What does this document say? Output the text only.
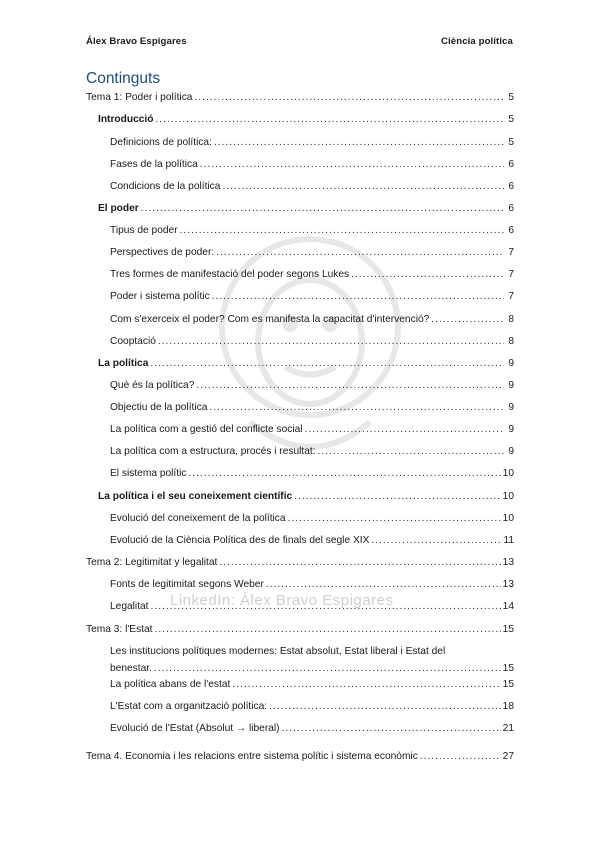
Álex Bravo Espigares	Ciència política
Continguts
LinkedIn: Álex Bravo Espigares
Tema 1: Poder i política .....	5
Introducció .....	5
Definicions de política: .....	5
Fases de la política .....	6
Condicions de la política .....	6
El poder .....	6
Tipus de poder .....	6
Perspectives de poder: .....	7
Tres formes de manifestació del poder segons Lukes .....	7
Poder i sistema polític .....	7
Com s'exerceix el poder? Com es manifesta la capacitat d'intervenció? .....	8
Cooptació .....	8
La política .....	9
Què és la política? .....	9
Objectiu de la política .....	9
La política com a gestió del conflicte social .....	9
La política com a estructura, procés i resultat: .....	9
El sistema polític .....	10
La política i el seu coneixement científic .....	10
Evolució del coneixement de la política .....	10
Evolució de la Ciència Política des de finals del segle XIX .....	11
Tema 2: Legitimitat y legalitat .....	13
Fonts de legitimitat segons Weber .....	13
Legalitat .....	14
Tema 3: l'Estat .....	15
Les institucions polítiques modernes: Estat absolut, Estat liberal i Estat del
benestar. .....	15
La política abans de l'estat .....	15
L'Estat com a organització política: .....	18
Evolució de l'Estat (Absolut → liberal) .....	21
Tema 4. Economia i les relacions entre sistema polític i sistema econòmic .....	27
